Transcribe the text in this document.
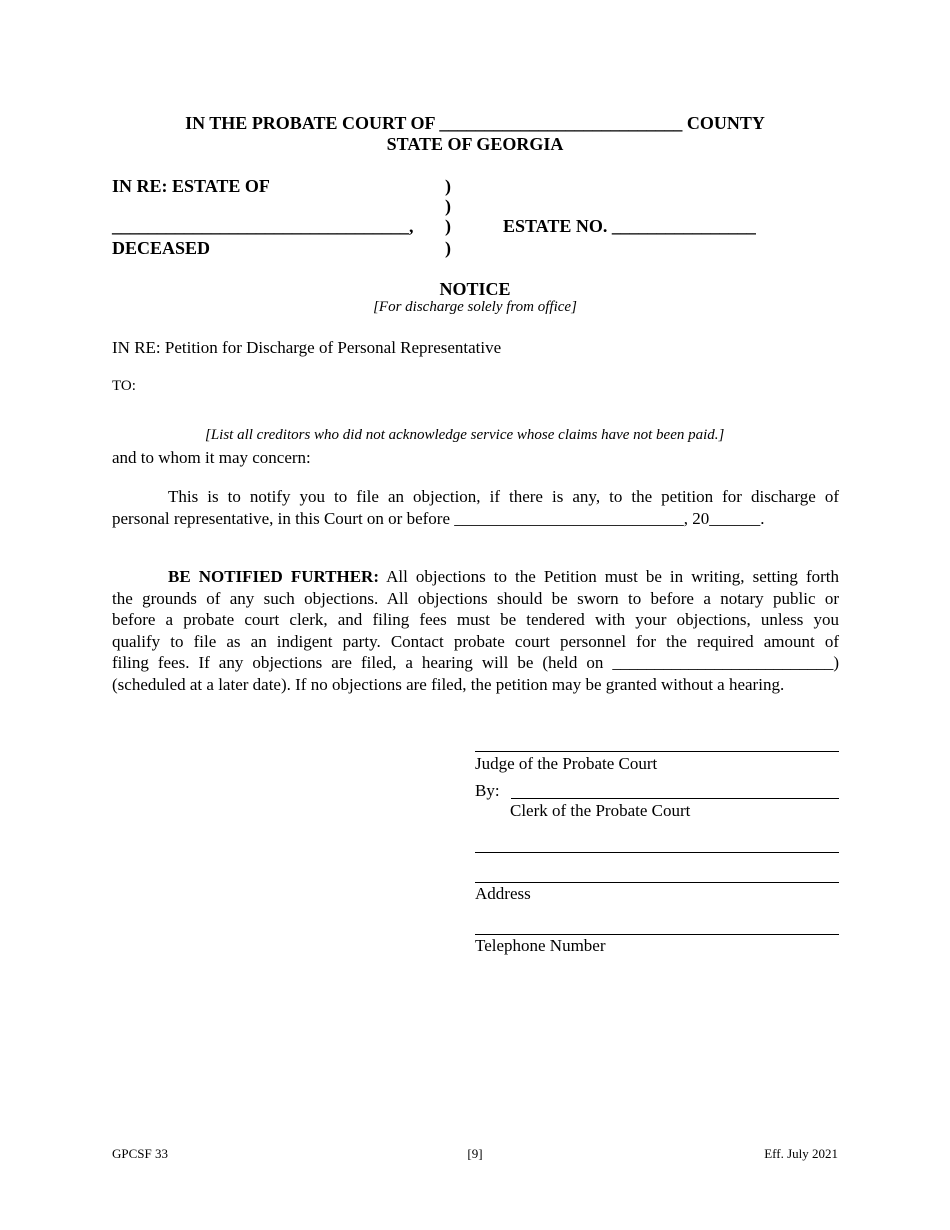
IN THE PROBATE COURT OF ___________________________ COUNTY
STATE OF GEORGIA
IN RE: ESTATE OF
_________________________________,
DECEASED
)
)
)
)
ESTATE NO. ________________
NOTICE
[For discharge solely from office]
IN RE: Petition for Discharge of Personal Representative
TO:
[List all creditors who did not acknowledge service whose claims have not been paid.]
and to whom it may concern:
This is to notify you to file an objection, if there is any, to the petition for discharge of
personal representative, in this Court on or before ___________________________, 20______.
BE NOTIFIED FURTHER: All objections to the Petition must be in writing, setting forth
the grounds of any such objections. All objections should be sworn to before a notary public or
before a probate court clerk, and filing fees must be tendered with your objections, unless you
qualify to file as an indigent party. Contact probate court personnel for the required amount of
filing fees. If any objections are filed, a hearing will be (held on __________________________)
(scheduled at a later date). If no objections are filed, the petition may be granted without a hearing.
Judge of the Probate Court
By:
Clerk of the Probate Court
Address
Telephone Number
GPCSF 33	[9]	Eff. July 2021
